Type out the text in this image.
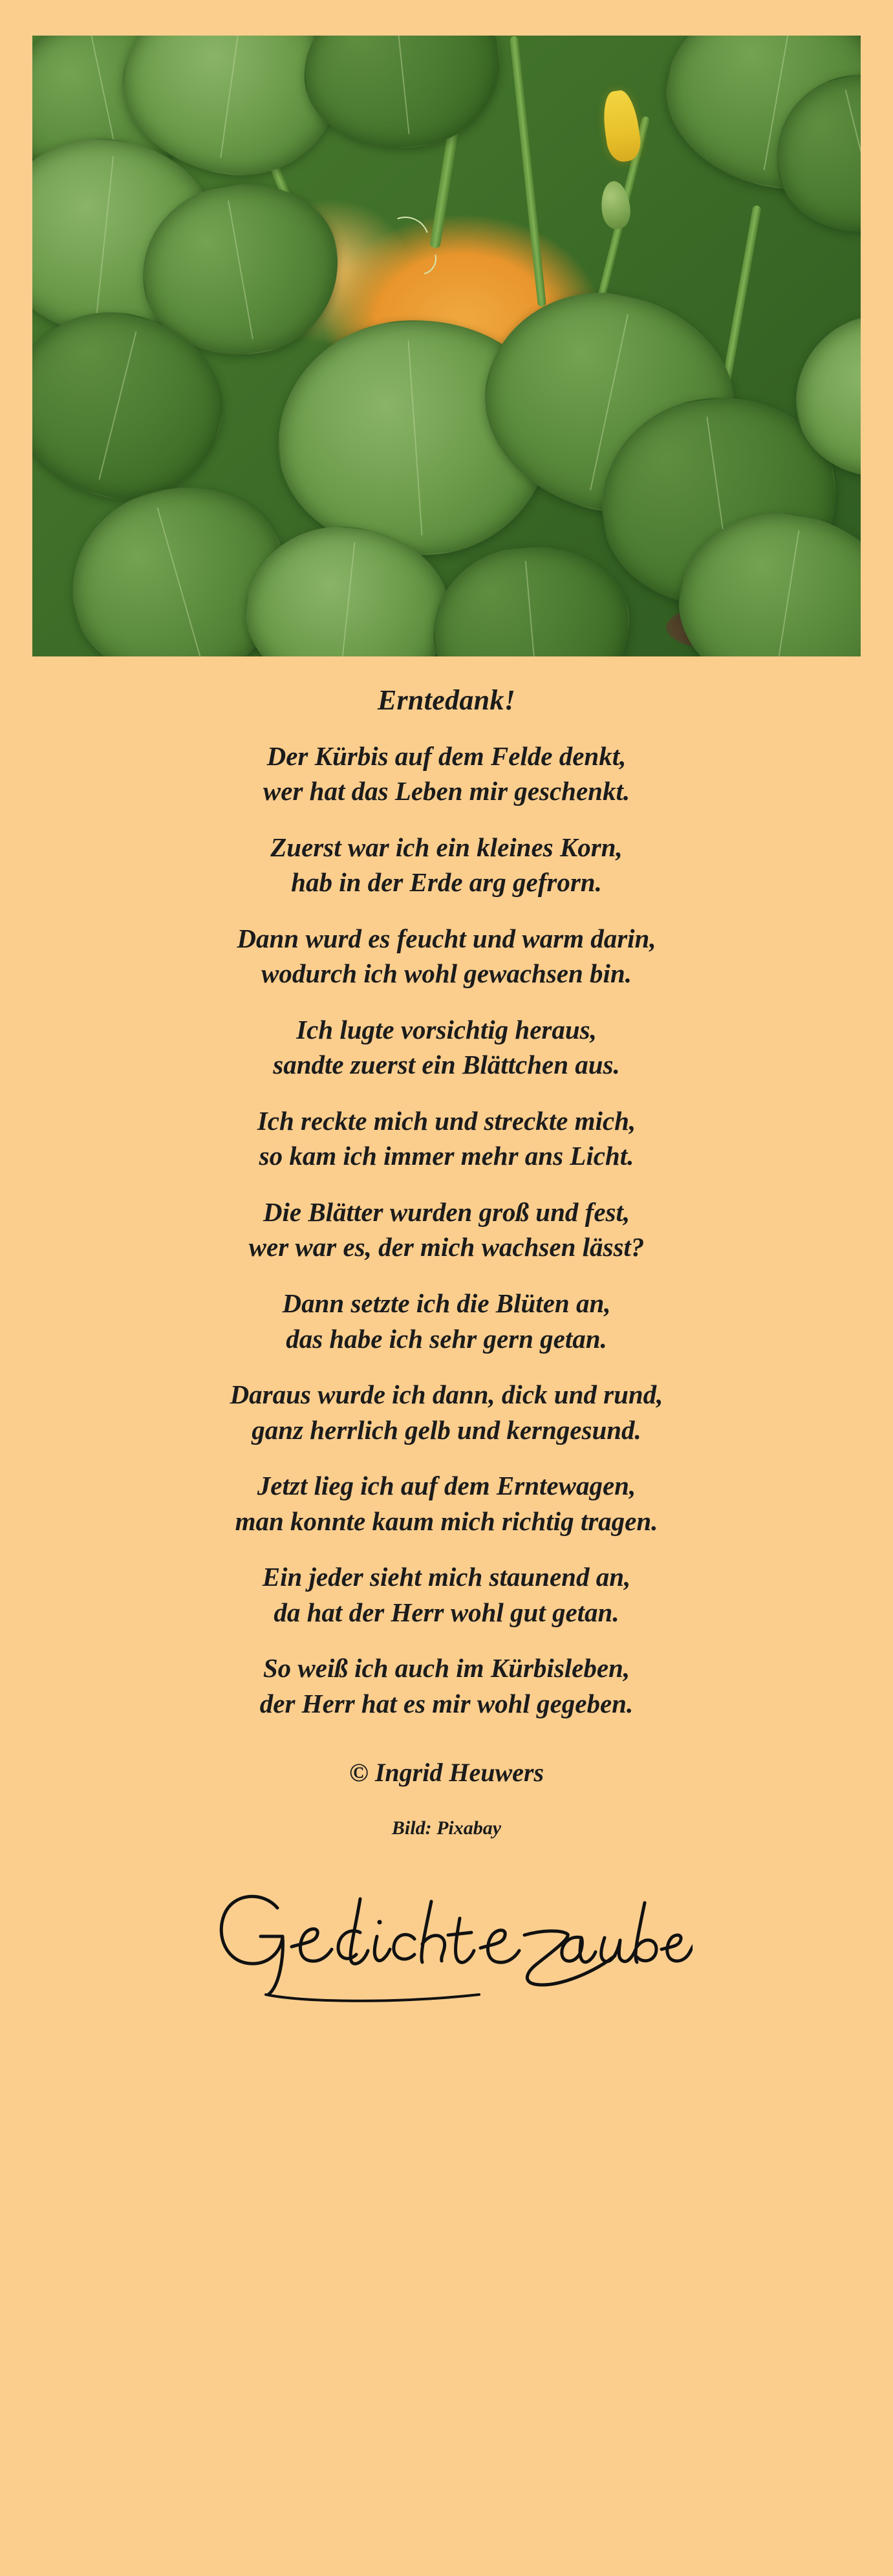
Erntedank!
Der Kürbis auf dem Felde denkt,
wer hat das Leben mir geschenkt.
Zuerst war ich ein kleines Korn,
hab in der Erde arg gefrorn.
Dann wurd es feucht und warm darin,
wodurch ich wohl gewachsen bin.
Ich lugte vorsichtig heraus,
sandte zuerst ein Blättchen aus.
Ich reckte mich und streckte mich,
so kam ich immer mehr ans Licht.
Die Blätter wurden groß und fest,
wer war es, der mich wachsen lässt?
Dann setzte ich die Blüten an,
das habe ich sehr gern getan.
Daraus wurde ich dann, dick und rund,
ganz herrlich gelb und kerngesund.
Jetzt lieg ich auf dem Erntewagen,
man konnte kaum mich richtig tragen.
Ein jeder sieht mich staunend an,
da hat der Herr wohl gut getan.
So weiß ich auch im Kürbisleben,
der Herr hat es mir wohl gegeben.
© Ingrid Heuwers
Bild: Pixabay
